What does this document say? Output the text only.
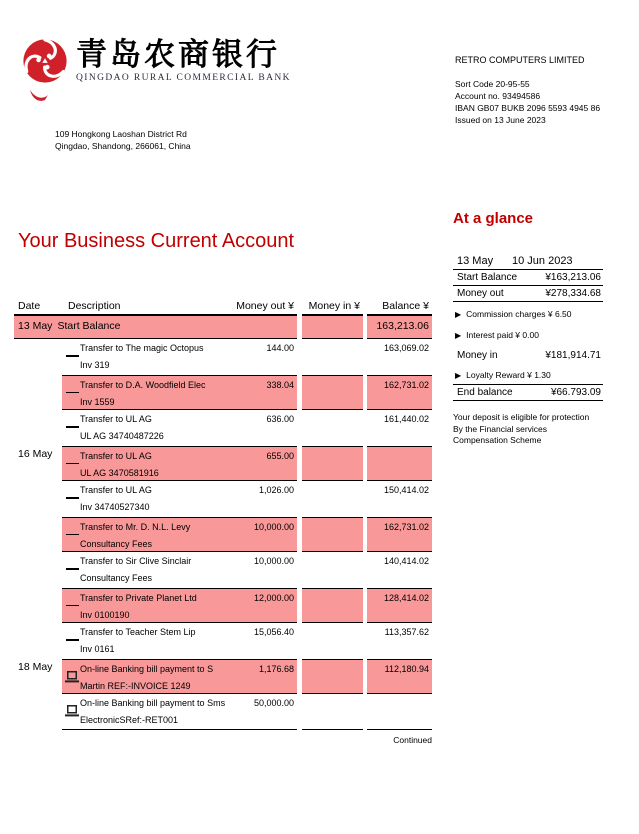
青岛农商银行
QINGDAO RURAL COMMERCIAL BANK
109 Hongkong Laoshan District Rd
Qingdao, Shandong, 266061, China
RETRO COMPUTERS LIMITED
Sort Code 20-95-55
Account no. 93494586
IBAN GB07 BUKB 2096 5593 4945 86
Issued on 13 June 2023
Your Business Current Account
At a glance
13 May 10 Jun 2023
Start Balance	¥163,213.06
Money out	¥278,334.68
▶
Commission charges ¥ 6.50
▶
Interest paid ¥ 0.00
Money in	¥181,914.71
▶
Loyalty Reward ¥ 1.30
End balance	¥66.793.09
Your deposit is eligible for protection
By the Financial services
Compensation Scheme
Date	Description	Money out ¥ Money in ¥ Balance ¥
13 May Start Balance	163,213.06
Transfer to The magic Octopus
Inv 319
144.00	163,069.02
Transfer to D.A. Woodfield Elec
Inv 1559
338.04	162,731.02
Transfer to UL AG
UL AG 34740487226
636.00	161,440.02
16 May	Transfer to UL AG
UL AG 3470581916
655.00
Transfer to UL AG
Inv 34740527340
1,026.00	150,414.02
Transfer to Mr. D. N.L. Levy
Consultancy Fees
10,000.00	162,731.02
Transfer to Sir Clive Sinclair
Consultancy Fees
10,000.00	140,414.02
Transfer to Private Planet Ltd
Inv 0100190
12,000.00	128,414.02
Transfer to Teacher Stem Lip
Inv 0161
15,056.40	113,357.62
18 May	On-line Banking bill payment to S
Martin REF:-INVOICE 1249
1,176.68	112,180.94
On-line Banking bill payment to Sms
ElectronicSRef:-RET001
50,000.00
Continued
